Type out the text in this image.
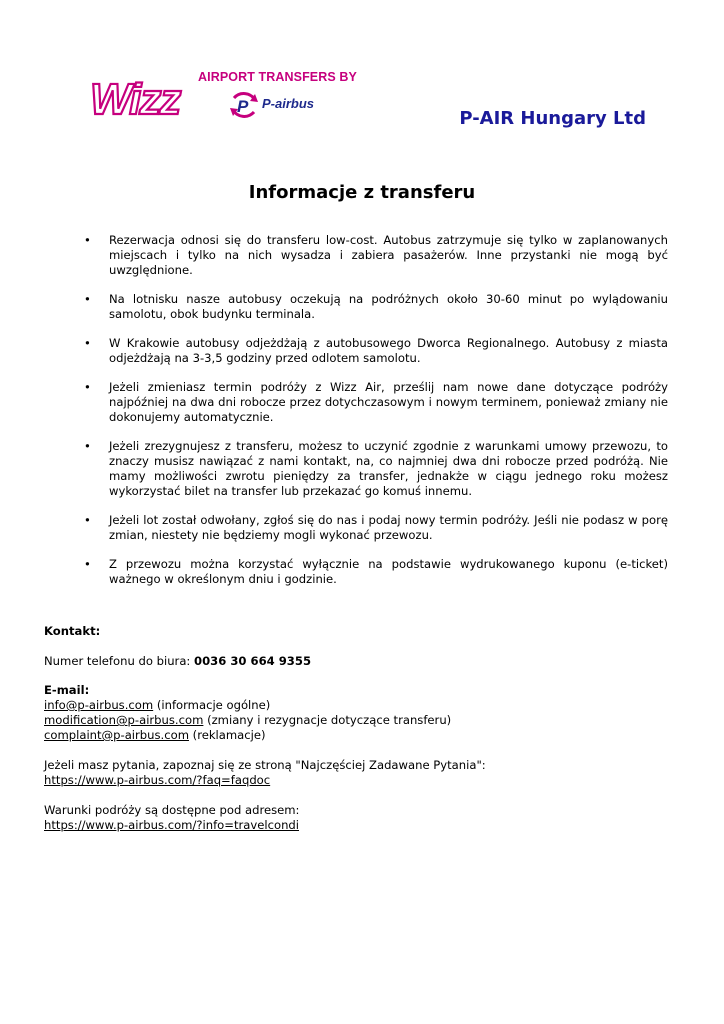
Wizz AIRPORT TRANSFERS BY
P P-airbus
P-AIR Hungary Ltd
Informacje z transferu
• Rezerwacja odnosi się do transferu low-cost. Autobus zatrzymuje się tylko w zaplanowanych miejscach i tylko na nich wysadza i zabiera pasażerów. Inne przystanki nie mogą być uwzględnione.
• Na lotnisku nasze autobusy oczekują na podróżnych około 30-60 minut po wylądowaniu samolotu, obok budynku terminala.
• W Krakowie autobusy odjeżdżają z autobusowego Dworca Regionalnego. Autobusy z miasta odjeżdżają na 3-3,5 godziny przed odlotem samolotu.
• Jeżeli zmieniasz termin podróży z Wizz Air, prześlij nam nowe dane dotyczące podróży najpóźniej na dwa dni robocze przez dotychczasowym i nowym terminem, ponieważ zmiany nie dokonujemy automatycznie.
• Jeżeli zrezygnujesz z transferu, możesz to uczynić zgodnie z warunkami umowy przewozu, to znaczy musisz nawiązać z nami kontakt, na, co najmniej dwa dni robocze przed podróżą. Nie mamy możliwości zwrotu pieniędzy za transfer, jednakże w ciągu jednego roku możesz wykorzystać bilet na transfer lub przekazać go komuś innemu.
• Jeżeli lot został odwołany, zgłoś się do nas i podaj nowy termin podróży. Jeśli nie podasz w porę zmian, niestety nie będziemy mogli wykonać przewozu.
• Z przewozu można korzystać wyłącznie na podstawie wydrukowanego kuponu (e-ticket) ważnego w określonym dniu i godzinie.

Kontakt:

Numer telefonu do biura: 0036 30 664 9355

E-mail:

info@p-airbus.com (informacje ogólne)

modification@p-airbus.com (zmiany i rezygnacje dotyczące transferu)

complaint@p-airbus.com (reklamacje)

Jeżeli masz pytania, zapoznaj się ze stroną "Najczęściej Zadawane Pytania":

https://www.p-airbus.com/?faq=faqdoc

Warunki podróży są dostępne pod adresem:

https://www.p-airbus.com/?info=travelcondi
